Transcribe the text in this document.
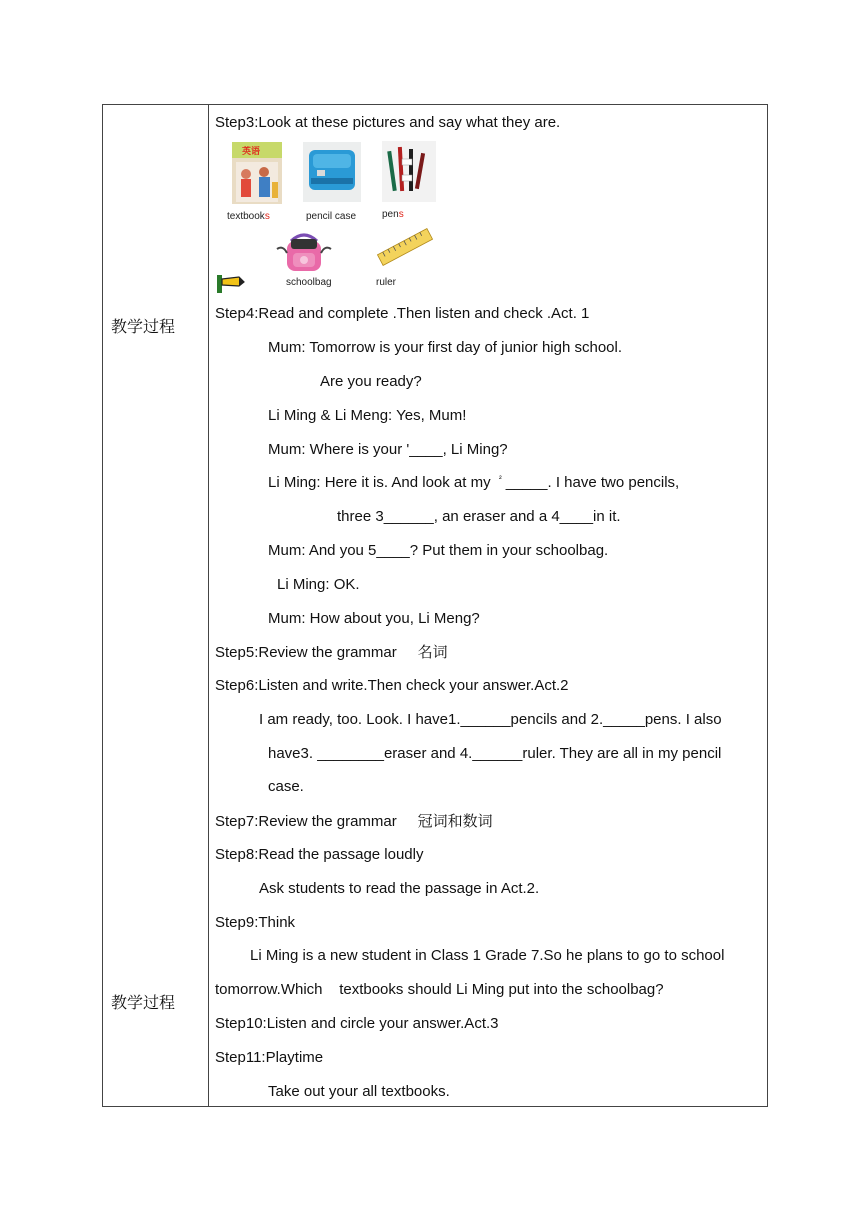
教学过程
教学过程
Step3:Look at these pictures and say what they are.
英语
textbooks	pencil case	pens
schoolbag	ruler
Step4:Read and complete .Then listen and check .Act. 1
Mum: Tomorrow is your first day of junior high school.
Are you ready?
Li Ming & Li Meng: Yes, Mum!
Mum: Where is your '____, Li Ming?
Li Ming: Here it is. And look at my $^{^2}$ _____. I have two pencils,
three 3______, an eraser and a 4____in it.
Mum: And you 5____? Put them in your schoolbag.
Li Ming: OK.
Mum: How about you, Li Meng?
Step5:Review the grammar 名词
Step6:Listen and write.Then check your answer.Act.2
I am ready, too. Look. I have1.______pencils and 2._____pens. I also
have3. ________eraser and 4.______ruler. They are all in my pencil
case.
Step7:Review the grammar 冠词和数词
Step8:Read the passage loudly
Ask students to read the passage in Act.2.
Step9:Think
Li Ming is a new student in Class 1 Grade 7.So he plans to go to school
tomorrow.Which    textbooks should Li Ming put into the schoolbag?
Step10:Listen and circle your answer.Act.3
Step11:Playtime
Take out your all textbooks.
